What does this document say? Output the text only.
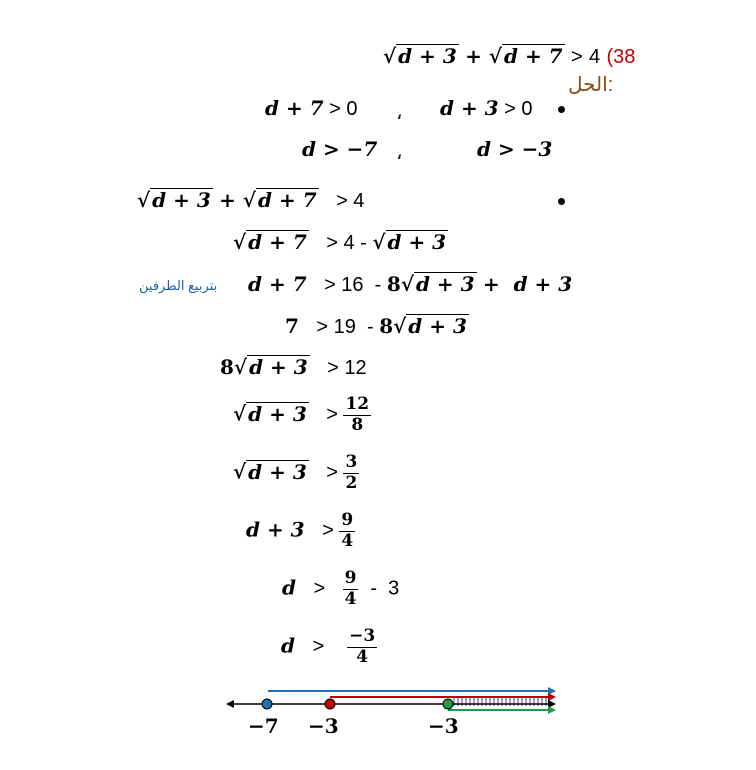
√ d + 3 + √ d + 7 > 4 (38
الحل:
d + 3 > 0
،
d + 7 > 0
d > −3
،
d > −7
√ d + 3 + √ d + 7   > 4
√ d + 7   > 4 - √ d + 3
بتربيع الطرفين d + 7   > 16  - 8√ d + 3 +  d + 3
7   > 19  - 8√ d + 3
8√ d + 3   > 12
√ $d + 3 > \frac{12}{8}$
√ $d + 3 > \frac{3}{2}$
$d + 3 > \frac{9}{4}$
$d > \frac{9}{4} - 3$
$d > \frac{-3}{4}$
−7 −3	−3
